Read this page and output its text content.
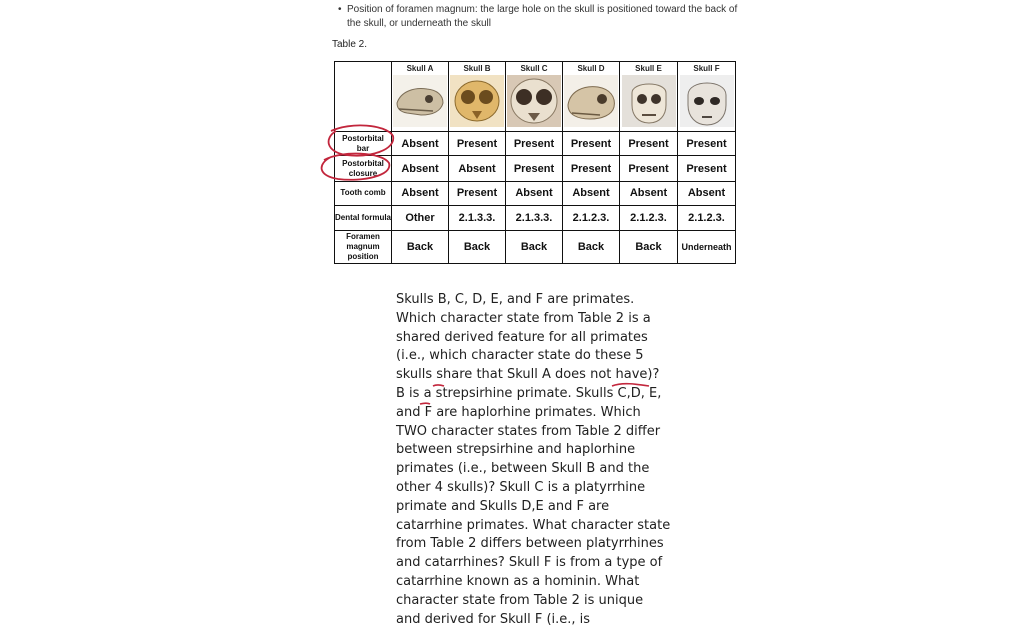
• Position of foramen magnum: the large hole on the skull is positioned toward the back of the skull, or underneath the skull
Table 2.

	Skull A	Skull B	Skull C	Skull D	Skull E	Skull F

Postorbital bar	Absent	Present	Present	Present	Present	Present
Postorbital closure	Absent	Absent	Present	Present	Present	Present
Tooth comb	Absent	Present	Absent	Absent	Absent	Absent
Dental formula	Other	2.1.3.3.	2.1.3.3.	2.1.2.3.	2.1.2.3.	2.1.2.3.
Foramen magnum position	Back	Back	Back	Back	Back	Underneath

Skulls B, C, D, E, and F are primates. Which character state from Table 2 is a shared derived feature for all primates (i.e., which character state do these 5 skulls share that Skull A does not have)? B is a strepsirhine primate. Skulls C,D, E, and F are haplorhine primates. Which TWO character states from Table 2 differ between strepsirhine and haplorhine primates (i.e., between Skull B and the other 4 skulls)? Skull C is a platyrrhine primate and Skulls D,E and F are catarrhine primates. What character state from Table 2 differs between platyrrhines and catarrhines? Skull F is from a type of catarrhine known as a hominin. What character state from Table 2 is unique and derived for Skull F (i.e., is
